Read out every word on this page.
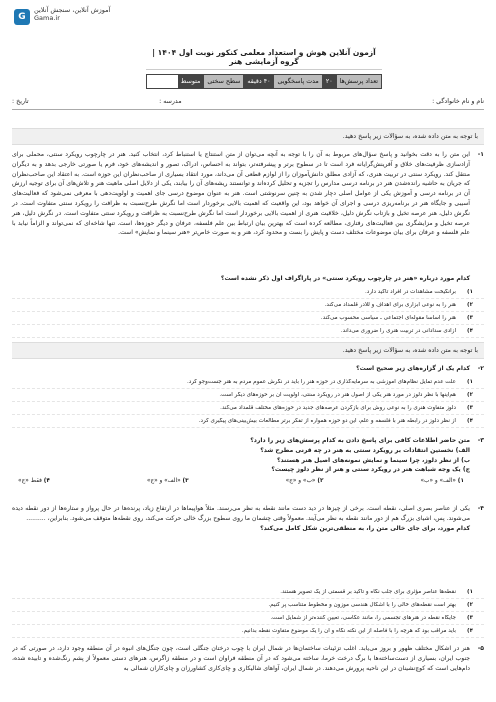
G
آموزش آنلاین، سنجش آنلاین
Gama.ir
آزمون آنلاین هوش و استعداد معلمی کنکور نوبت اول ۱۴۰۴ | گروه آزمایشی هنر
تعداد پرسش‌ها
۲۰
مدت پاسخگویی
۴۰ دقیقه
سطح سختی
متوسط
نام و نام خانوادگی :
مدرسه :
تاریخ :
با توجه به متن داده شده، به سؤالات زیر پاسخ دهید.
۱-
این متن را به دقت بخوانید و پاسخ سؤال‌های مربوط به آن را با توجه به آنچه می‌توان از متن استنتاج یا استنباط کرد، انتخاب کنید. هنر در چارچوب رویکرد سنتی، محملی برای آزادسازی ظرفیت‌های خلاق و آفرینش‌گرایانه فرد است تا در سطوح برتر و پیشرفته‌تر، بتواند به احساس، ادراک، تصور و اندیشه‌های خود، فرم یا صورتی خارجی بدهد و به دیگران منتقل کند. رویکرد سنتی در تربیت هنری، که آزادی مطلق دانش‌آموزان را از لوازم قطعی آن می‌داند، مورد انتقاد بسیاری از صاحب‌نظران این حوزه است. به اعتقاد این صاحب‌نظران که جریان به حاشیه رانده‌شدن هنر در برنامه درسی مدارس را تجزیه و تحلیل کرده‌اند و توانستند ریشه‌های آن را بیابند، یکی از دلایل اصلی ماهیت هنر و تلاش‌های آن برای توجیه ارزش آن در برنامه درسی و آموزش یکی از عوامل اصلی دچار شدن به چنین سرنوشتی است. هنر به عنوان موضوع درسی جای اهمیت و اولویت‌دهی با معرفی نمی‌شود که فعالیت‌های آسیبی و جایگاه هنر در برنامه‌ریزی درسی و اجرای آن خواهد بود، این واقعیت که اهمیت بالایی برخوردار است اما نگرش طرح‌نسبت به ظرافت را رویکرد سنتی متفاوت است. در نگرش دلیل، هنر عرصه تخیل و بازتاب نگرش دلیل، خلاقیت هنری از اهمیت بالایی برخوردار است اما نگرش طرح‌نسبت به ظرافت و رویکرد سنتی متفاوت است. در نگرش دلیل، هنر عرصه تخیل و مزایشگری بین فعالیت‌های رفتاری، مطالعه کرده است که بهترین بیان ارتباط بین علم فلسفه، عرفان و دیگر حوزه‌ها، است. تنها شاخه‌ای که نمی‌تواند و الزاماً نیابد با علم فلسفه و عرفان برای بیان موضوعات مختلف دست و پایش را بست و محدود کرد، هنر و به صورت خاص‌تر «هنر سینما و نمایش» است.
کدام مورد درباره «هنر در چارچوب رویکرد سنتی» در پاراگراف اول ذکر نشده است؟
۱)
برانگیخت مشاهدات در افراد تأکید دارد.
۲)
هنر را به نوعی ابزاری برای اهداف و للادر قلمداد می‌کند.
۳)
هنر را اساساً مقوله‌ای اجتماعی ـ سیاسی محسوب می‌کند.
۴)
آزادی سدادانی در تربیت هنری را ضروری می‌داند.
با توجه به متن داده شده، به سؤالات زیر پاسخ دهید.
۲-
کدام یک از گزاره‌های زیر صحیح است؟
۱)
علت عدم تمایل نظام‌های آموزشی به سرمایه‌گذاری در حوزه هنر را باید در نگرش عموم مردم به هنر جست‌وجو کرد.
۲)
هم‌اینها با نظر دلوز در مورد هنر یکی از اصول هنر در رویکرد سنتی، اولویت آن بر حوزه‌های دیگر است.
۳)
دلوز متفاوت هنری را به نوعی روش برای بازکردن عرصه‌های جدید در حوزه‌های مختلف قلمداد می‌کند.
۴)
از نظر دلوز در رابطه هنر با فلسفه و علم، این دو حوزه همواره از تفکر برتر مطالعات بیش‌بینی‌های پیگیری کرد.
۳-
متن حاضر اطلاعات کافی برای پاسخ دادن به کدام پرسش‌های زیر را دارد؟
الف) نخستین انتقادات بر رویکرد سنتی به هنر در چه قرنی مطرح شد؟
ب) از نظر دلوز، چرا سینما و نمایش نمونه‌های اصیل هنر هستند؟
ج) یک وجه شباهت هنر در رویکرد سنتی و هنر از نظر دلوز چیست؟
۱) «الف» و «ب»
۲) «ب» و «ج»
۳) «الف» و «ج»
۴) فقط «ج»
۴-
یکی از عناصر بصری اصلی، نقطه است. برخی از چیزها در دید دست مانند نقطه به نظر می‌رسند. مثلاً هواپیماها در ارتفاع زیاد، پرنده‌ها در حال پرواز و ستاره‌ها از دور نقطه دیده می‌شوند. پس، اشیای بزرگ هم از دور مانند نقطه به نظر می‌آیند. معمولاً وقتی چشمان ما روی سطوح بزرگ خالی حرکت می‌کند، روی نقطه‌ها متوقف می‌شود. بنابراین، ..........
کدام مورد، برای جای خالی متن را، به منطقی‌ترین شکل کامل می‌کند؟
۱)
نقطه‌ها عناصر مؤثری برای جلب نگاه و تأکید بر قسمتی از یک تصویر هستند.
۲)
بهتر است نقطه‌های خالی را با اشکال هندسی موزون و مخطوط متناسب پر کنیم.
۳)
جایگاه نقطه در هنرهای تجسمی را، مانند عکاسی، تعیین کننده‌تر از شمایل است.
۴)
باید مراقب بود که هرچه را با فاصله از این نکته نگاه و آن را یک موضوع متفاوت نقطه بدانیم.
۵-
هنر در اشکال مختلف ظهور و بروز می‌یابد. اغلب تزئینات ساختمان‌ها در شمال ایران با چوب درختان جنگلی است، چون جنگل‌های انبوه در آن منطقه وجود دارد، در صورتی که در جنوب ایران، بسیاری از دست‌ساخته‌ها با برگ درخت خرما، ساخته می‌شود که در آن منطقه فراوان است و در منطقه زاگرس، هنرهای دستی معمولاً از پشم رنگ‌شده و تابیده شده، دام‌هایی است که کوچ‌نشینان در این ناحیه پرورش می‌دهند. در شمال ایران، آواهای شالیکاری و چای‌کاری کشاورزان و چای‌کاران شمالی به
